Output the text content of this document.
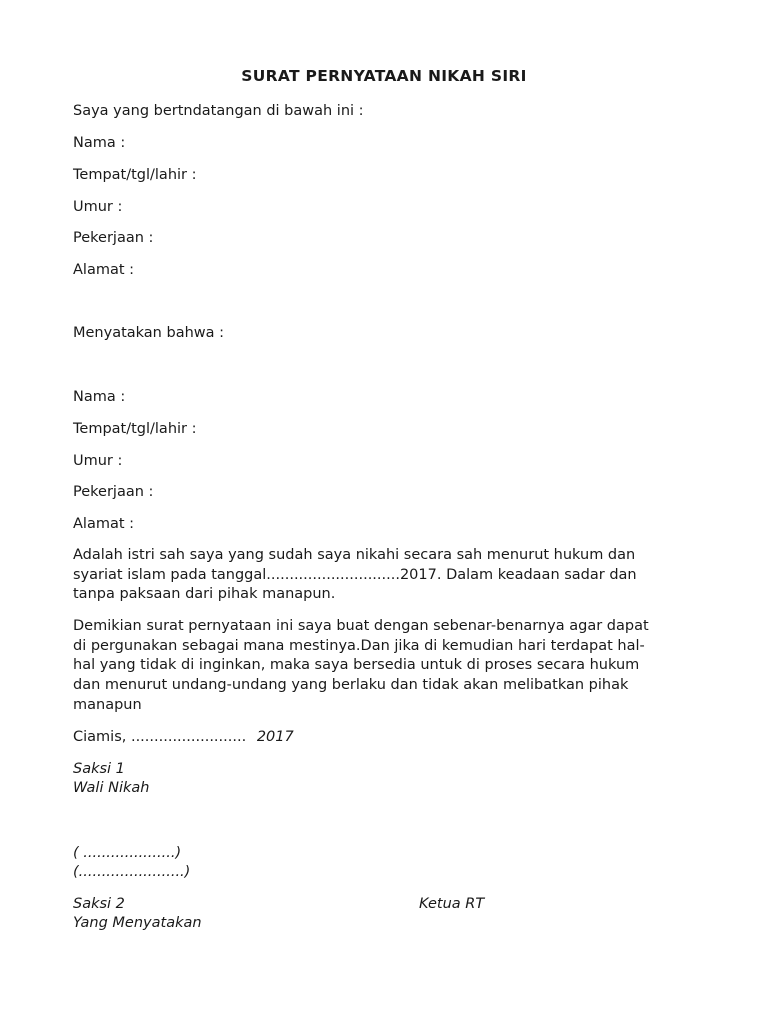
SURAT PERNYATAAN NIKAH SIRI
Saya yang bertndatangan di bawah ini :
Nama :
Tempat/tgl/lahir :
Umur :
Pekerjaan :
Alamat :
Menyatakan bahwa :
Nama :
Tempat/tgl/lahir :
Umur :
Pekerjaan :
Alamat :

Adalah istri sah saya yang sudah saya nikahi secara sah menurut hukum dan

syariat islam pada tanggal.............................2017. Dalam keadaan sadar dan

tanpa paksaan dari pihak manapun.

Demikian surat pernyataan ini saya buat dengan sebenar-benarnya agar dapat

di pergunakan sebagai mana mestinya.Dan jika di kemudian hari terdapat hal-

hal yang tidak di inginkan, maka saya bersedia untuk di proses secara hukum

dan menurut undang-undang yang berlaku dan tidak akan melibatkan pihak

manapun

Ciamis, ......................... 2017
Saksi 1
Wali Nikah
( ....................)
(.......................)
Saksi 2
Yang Menyatakan
Ketua RT
